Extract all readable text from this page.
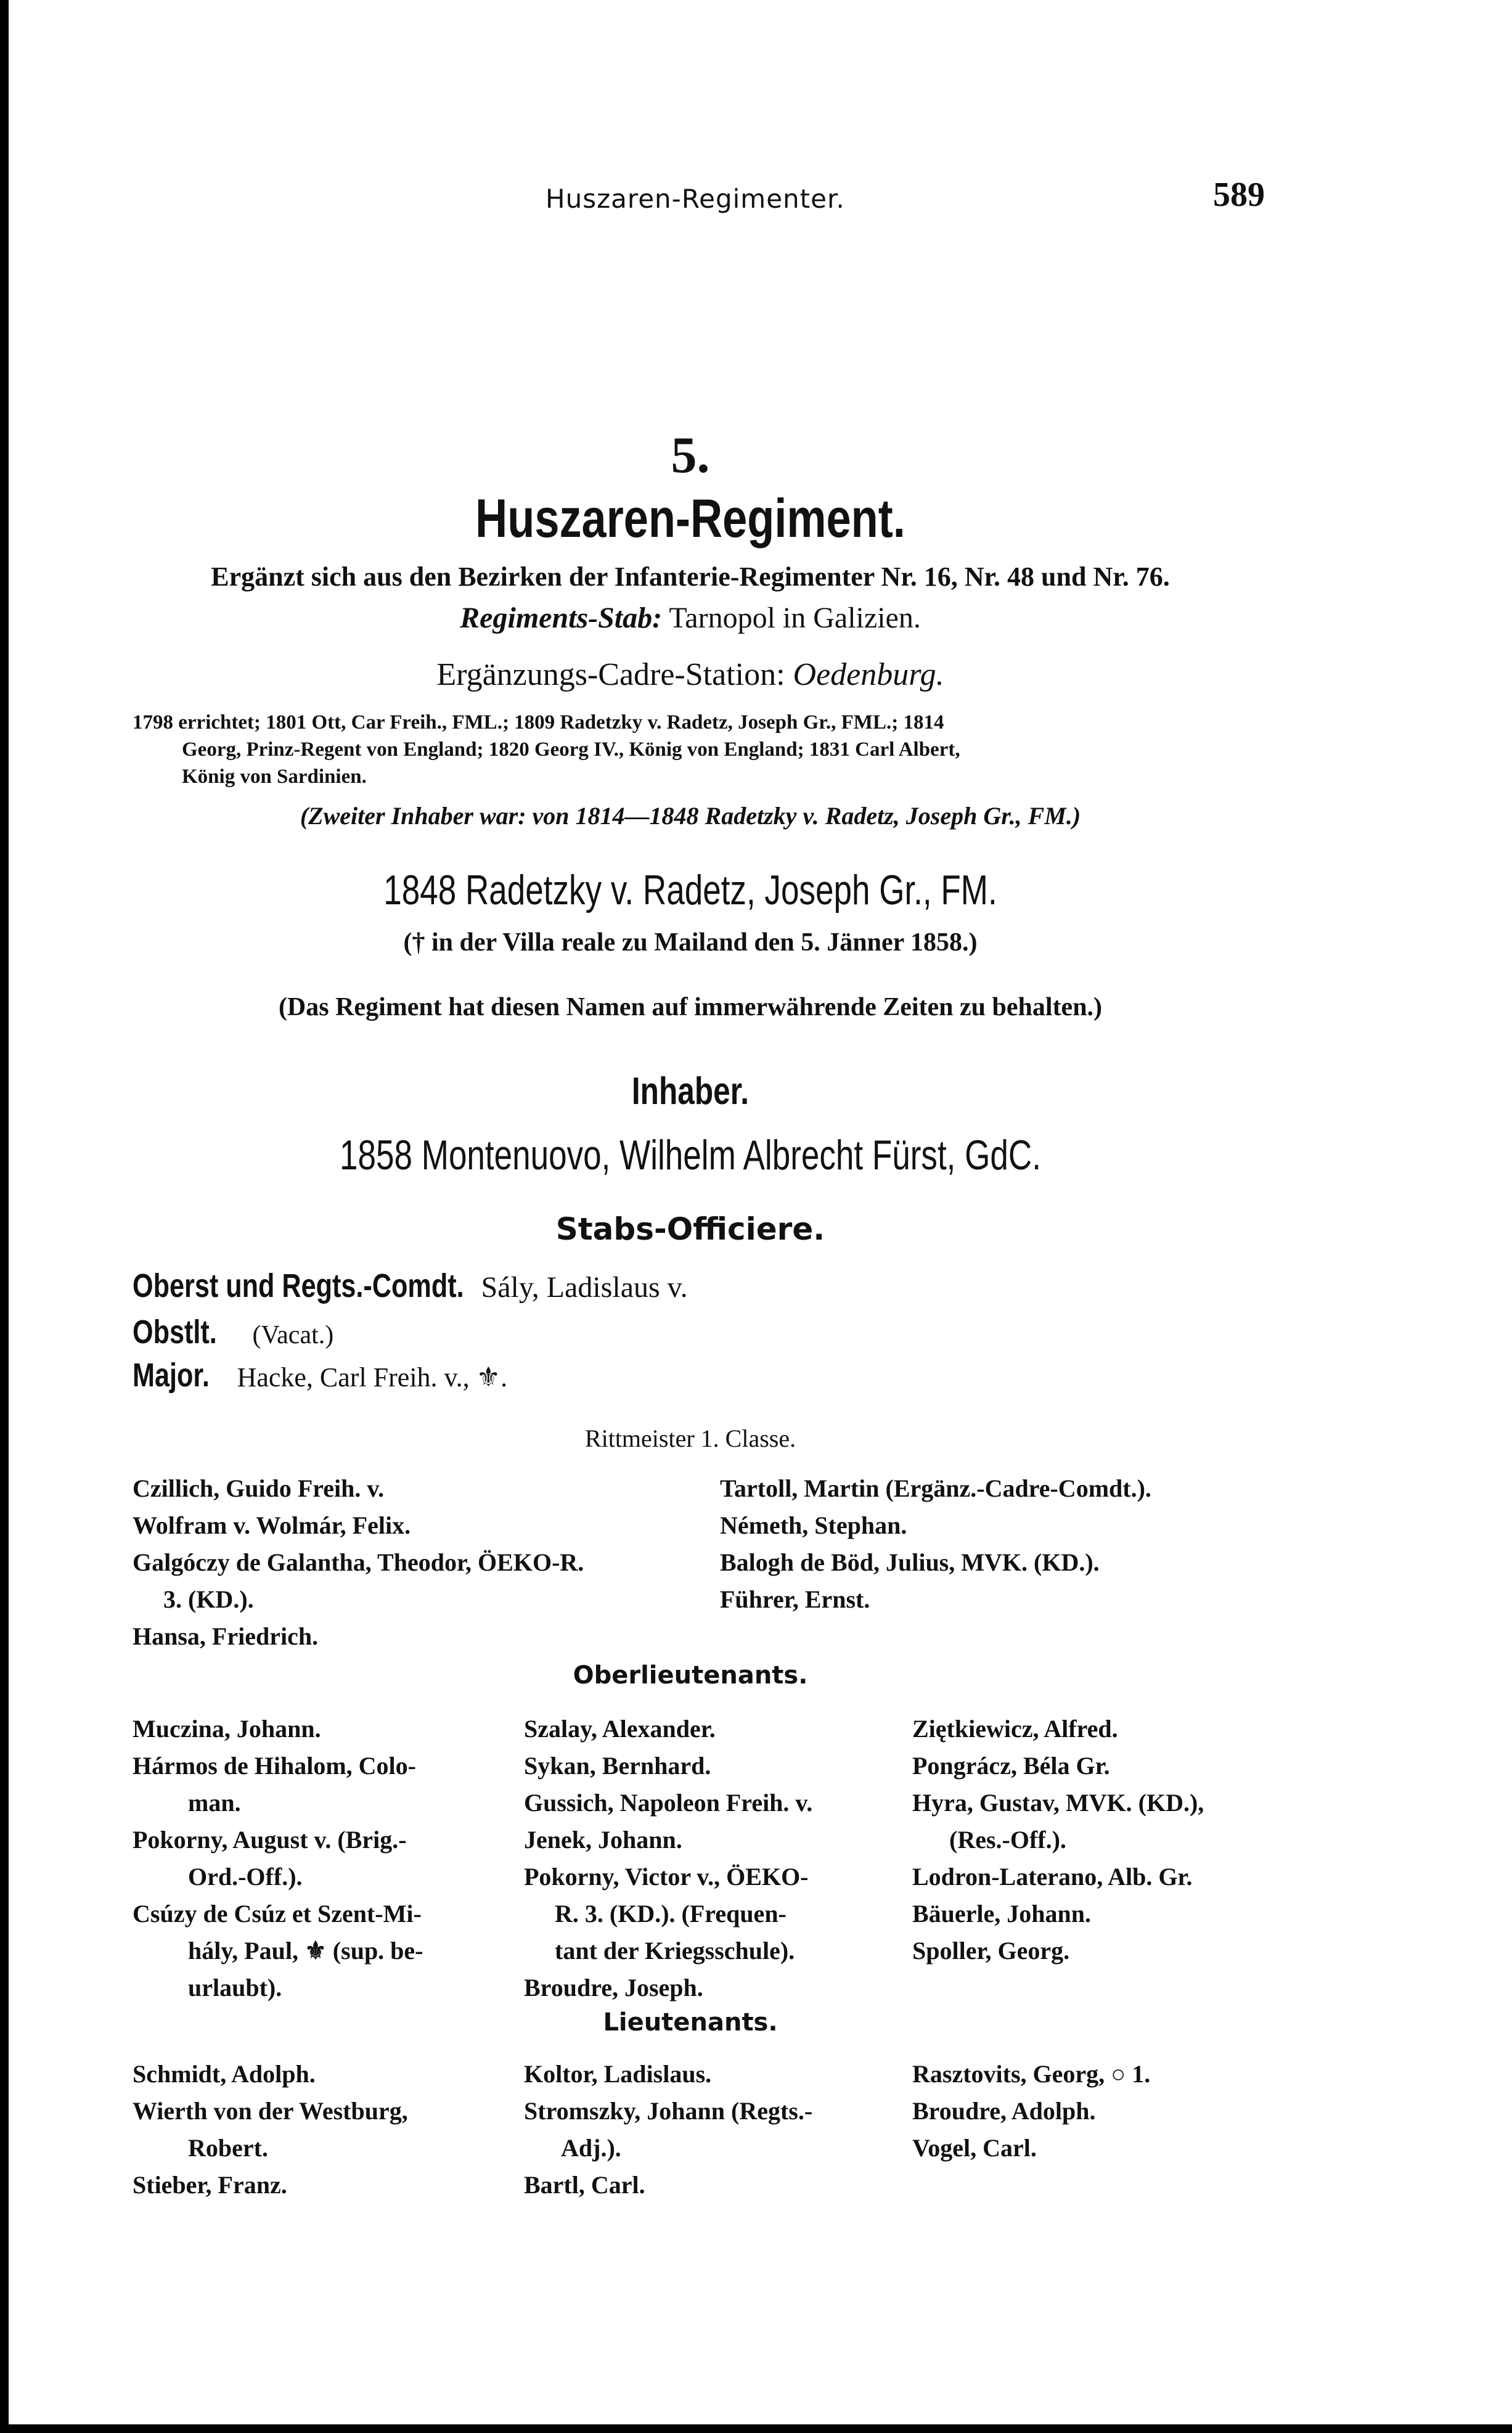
Huszaren-Regimenter.	589
5.
Huszaren-Regiment.
Ergänzt sich aus den Bezirken der Infanterie-Regimenter Nr. 16, Nr. 48 und Nr. 76.
Regiments-Stab: Tarnopol in Galizien.
Ergänzungs-Cadre-Station: Oedenburg.
1798 errichtet; 1801 Ott, Car Freih., FML.; 1809 Radetzky v. Radetz, Joseph Gr., FML.; 1814
Georg, Prinz-Regent von England; 1820 Georg IV., König von England; 1831 Carl Albert,
König von Sardinien.
(Zweiter Inhaber war: von 1814—1848 Radetzky v. Radetz, Joseph Gr., FM.)
1848 Radetzky v. Radetz, Joseph Gr., FM.
(† in der Villa reale zu Mailand den 5. Jänner 1858.)
(Das Regiment hat diesen Namen auf immerwährende Zeiten zu behalten.)
Inhaber.
1858 Montenuovo, Wilhelm Albrecht Fürst, GdC.
Stabs-Officiere.
Oberst und Regts.-Comdt. Sály, Ladislaus v.
Obstlt. (Vacat.)
Major. Hacke, Carl Freih. v., ⚜.
Rittmeister 1. Classe.

Czillich, Guido Freih. v.

Wolfram v. Wolmár, Felix.

Galgóczy de Galantha, Theodor, ÖEKO-R.

3. (KD.).

Hansa, Friedrich.

Tartoll, Martin (Ergänz.-Cadre-Comdt.).

Németh, Stephan.

Balogh de Böd, Julius, MVK. (KD.).

Führer, Ernst.

Oberlieutenants.

Muczina, Johann.

Hármos de Hihalom, Colo-

man.

Pokorny, August v. (Brig.-

Ord.-Off.).

Csúzy de Csúz et Szent-Mi-

hály, Paul, ⚜ (sup. be-

urlaubt).

Szalay, Alexander.

Sykan, Bernhard.

Gussich, Napoleon Freih. v.

Jenek, Johann.

Pokorny, Victor v., ÖEKO-

R. 3. (KD.). (Frequen-

tant der Kriegsschule).

Broudre, Joseph.

Ziętkiewicz, Alfred.

Pongrácz, Béla Gr.

Hyra, Gustav, MVK. (KD.),

(Res.-Off.).

Lodron-Laterano, Alb. Gr.

Bäuerle, Johann.

Spoller, Georg.

Lieutenants.

Schmidt, Adolph.

Wierth von der Westburg,

Robert.

Stieber, Franz.

Koltor, Ladislaus.

Stromszky, Johann (Regts.-

Adj.).

Bartl, Carl.

Rasztovits, Georg, ○ 1.

Broudre, Adolph.

Vogel, Carl.
